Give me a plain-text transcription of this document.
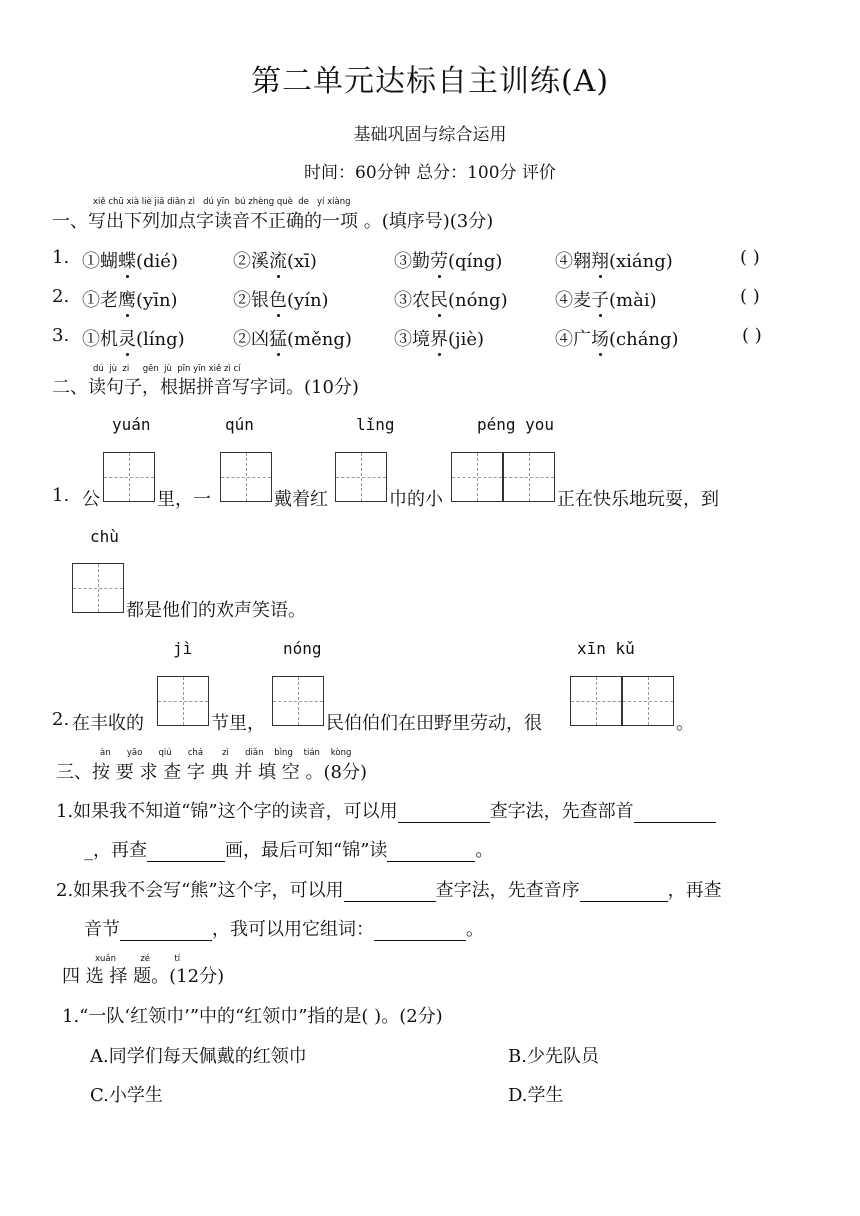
第二单元达标自主训练(A)
基础巩固与综合运用
时间：60分钟 总分：100分 评价
xiě chū xià liè jiā diǎn zì dú yīn bú zhèng què de yí xiàng
一、写出下列加点字读音不正确的一项 。(填序号)(3分)
1. ①蝴蝶(dié)	②溪流(xī)	③勤劳(qíng)	④翱翔(xiáng)	( )
2. ①老鹰(yīn)	②银色(yín)	③农民(nóng)	④麦子(mài)	( )
3. ①机灵(líng)	②凶猛(měng) ③境界(jiè)	④广场(cháng)	( )
dú jù zi gēn jù pīn yīn xiě zì cí
二、读句子，根据拼音写字词。(10分)
yuán	qún	lǐng	péng you
1. 公	里，一	戴着红	巾的小	正在快乐地玩耍，到
chù
都是他们的欢声笑语。
jì	nóng	xīn kǔ
2. 在丰收的	节里，	民伯伯们在田野里劳动，很	。
àn yāo qiú chá zì diǎn bìng tián kòng
三、按 要 求 查 字 典 并 填 空 。(8分)
1.如果我不知道“锦”这个字的读音，可以用	查字法，先查部首
_，再查	画，最后可知“锦”读	。
2.如果我不会写“熊”这个字，可以用	查字法，先查音序	，再查
音节	，我可以用它组词：	。
xuǎn	zé	tí
四 选 择 题。(12分)
1.“一队‘红领巾’”中的“红领巾”指的是( )。(2分)
A.同学们每天佩戴的红领巾	B.少先队员
C.小学生	D.学生
